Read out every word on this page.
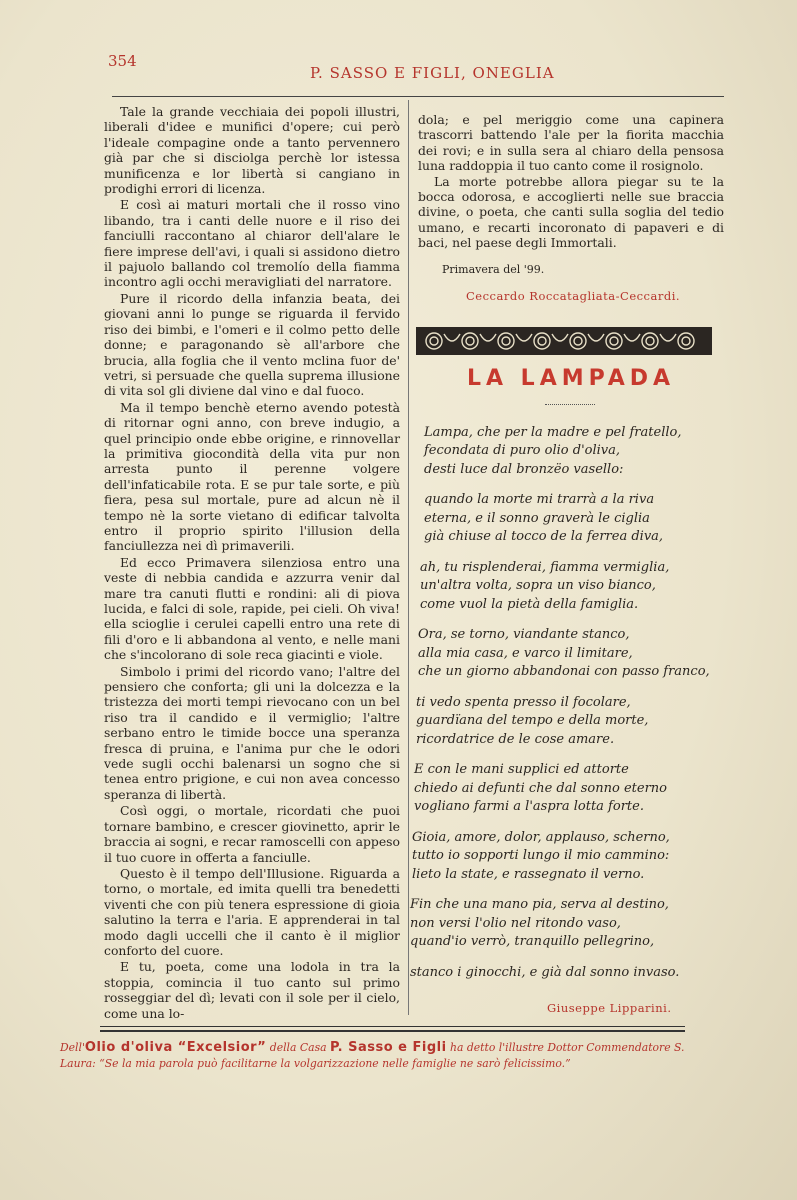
354
P. SASSO E FIGLI, ONEGLIA

Tale la grande vecchiaia dei popoli illustri, liberali d'idee e munifici d'opere; cui però l'ideale compagine onde a tanto pervennero già par che si disciolga perchè lor istessa munificenza e lor libertà si cangiano in prodighi errori di licenza.

E così ai maturi mortali che il rosso vino libando, tra i canti delle nuore e il riso dei fanciulli raccontano al chiaror dell'alare le fiere imprese dell'avi, i quali si assidono dietro il pajuolo ballando col tremolío della fiamma incontro agli occhi meravigliati del narratore.

Pure il ricordo della infanzia beata, dei giovani anni lo punge se riguarda il fervido riso dei bimbi, e l'omeri e il colmo petto delle donne; e paragonando sè all'arbore che brucia, alla foglia che il vento mclina fuor de' vetri, si persuade che quella suprema illusione di vita sol gli diviene dal vino e dal fuoco.

Ma il tempo benchè eterno avendo potestà di ritornar ogni anno, con breve indugio, a quel principio onde ebbe origine, e rinnovellar la primitiva giocondità della vita pur non arresta punto il perenne volgere dell'infaticabile rota. E se pur tale sorte, e più fiera, pesa sul mortale, pure ad alcun nè il tempo nè la sorte vietano di edificar talvolta entro il proprio spirito l'illusion della fanciullezza nei dì primaverili.

Ed ecco Primavera silenziosa entro una veste di nebbia candida e azzurra venir dal mare tra canuti flutti e rondini: ali di piova lucida, e falci di sole, rapide, pei cieli. Oh viva! ella scioglie i cerulei capelli entro una rete di fili d'oro e li abbandona al vento, e nelle mani che s'incolorano di sole reca giacinti e viole.

Simbolo i primi del ricordo vano; l'altre del pensiero che conforta; gli uni la dolcezza e la tristezza dei morti tempi rievocano con un bel riso tra il candido e il vermiglio; l'altre serbano entro le timide bocce una speranza fresca di pruina, e l'anima pur che le odori vede sugli occhi balenarsi un sogno che si tenea entro prigione, e cui non avea concesso speranza di libertà.

Così oggi, o mortale, ricordati che puoi tornare bambino, e crescer giovinetto, aprir le braccia ai sogni, e recar ramoscelli con appeso il tuo cuore in offerta a fanciulle.

Questo è il tempo dell'Illusione. Riguarda a torno, o mortale, ed imita quelli tra benedetti viventi che con più tenera espressione di gioia salutino la terra e l'aria. E apprenderai in tal modo dagli uccelli che il canto è il miglior conforto del cuore.

E tu, poeta, come una lodola in tra la stoppia, comincia il tuo canto sul primo rosseggiar del dì; levati con il sole per il cielo, come una lo-

dola; e pel meriggio come una capinera trascorri battendo l'ale per la fiorita macchia dei rovi; e in sulla sera al chiaro della pensosa luna raddoppia il tuo canto come il rosignolo.

La morte potrebbe allora piegar su te la bocca odorosa, e accoglierti nelle sue braccia divine, o poeta, che canti sulla soglia del tedio umano, e recarti incoronato di papaveri e di baci, nel paese degli Immortali.

Primavera del '99.
Ceccardo Roccatagliata-Ceccardi.
LA LAMPADA
Lampa, che per la madre e pel fratello,
fecondata di puro olio d'oliva,
desti luce dal bronzëo vasello:
quando la morte mi trarrà a la riva
eterna, e il sonno graverà le ciglia
già chiuse al tocco de la ferrea diva,
ah, tu risplenderai, fiamma vermiglia,
un'altra volta, sopra un viso bianco,
come vuol la pietà della famiglia.
Ora, se torno, viandante stanco,
alla mia casa, e varco il limitare,
che un giorno abbandonai con passo franco,
ti vedo spenta presso il focolare,
guardïana del tempo e della morte,
ricordatrice de le cose amare.
E con le mani supplici ed attorte
chiedo ai defunti che dal sonno eterno
vogliano farmi a l'aspra lotta forte.
Gioia, amore, dolor, applauso, scherno,
tutto io sopporti lungo il mio cammino:
lieto la state, e rassegnato il verno.
Fin che una mano pia, serva al destino,
non versi l'olio nel ritondo vaso,
quand'io verrò, tranquillo pellegrino,
stanco i ginocchi, e già dal sonno invaso.
Giuseppe Lipparini.
Dell'Olio d'oliva “Excelsior” della Casa P. Sasso e Figli ha detto l'illustre Dottor Commendatore S. Laura: “Se la mia parola può facilitarne la volgarizzazione nelle famiglie ne sarò felicissimo.”
